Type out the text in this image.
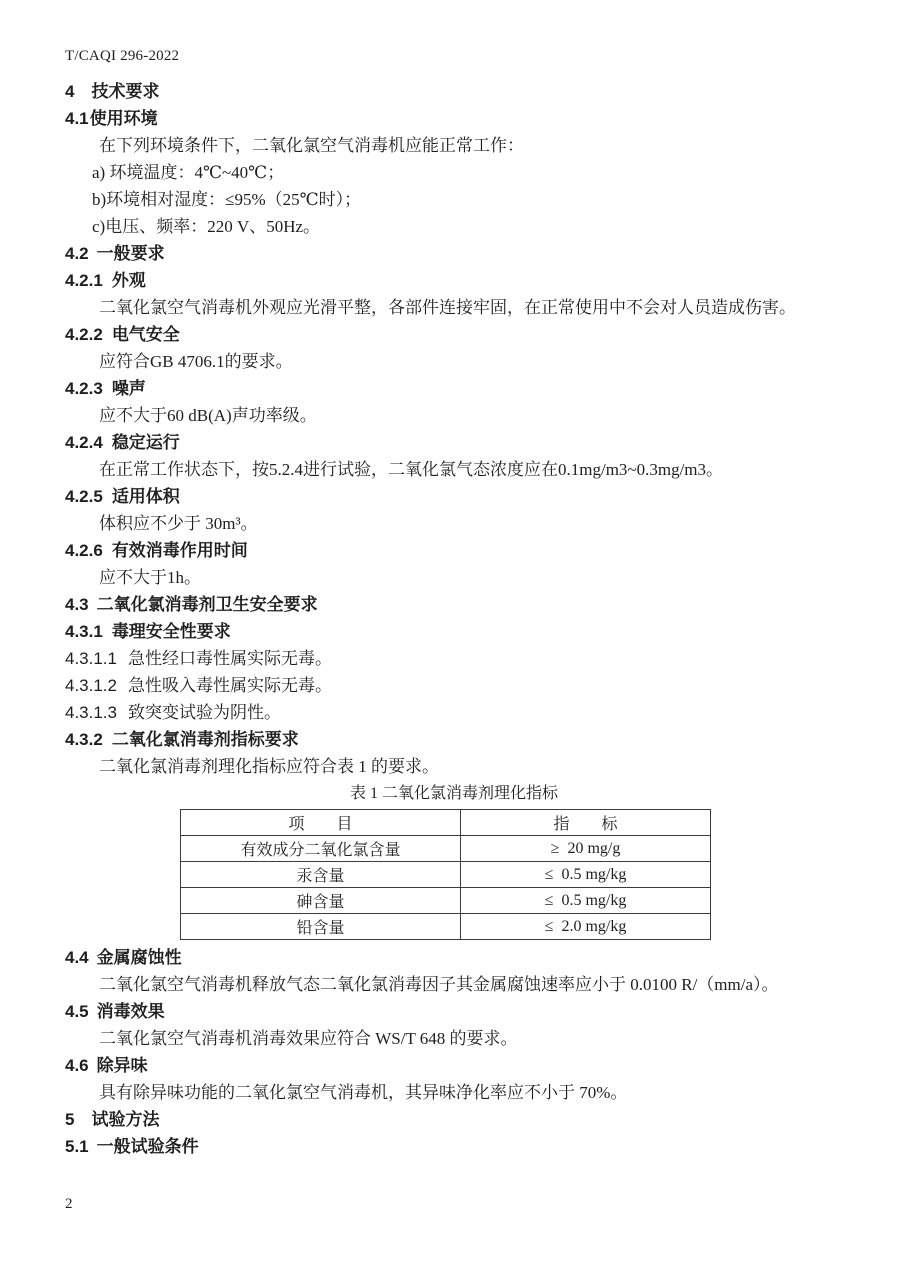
T/CAQI 296-2022
4 技术要求
4.1使用环境

在下列环境条件下，二氧化氯空气消毒机应能正常工作：

a) 环境温度：4℃~40℃；

b)环境相对湿度：≤95%（25℃时）；

c)电压、频率：220 V、50Hz。

4.2 一般要求
4.2.1 外观

二氧化氯空气消毒机外观应光滑平整，各部件连接牢固，在正常使用中不会对人员造成伤害。

4.2.2 电气安全

应符合GB 4706.1的要求。

4.2.3 噪声

应不大于60 dB(A)声功率级。

4.2.4 稳定运行

在正常工作状态下，按5.2.4进行试验，二氧化氯气态浓度应在0.1mg/m3~0.3mg/m3。

4.2.5 适用体积

体积应不少于 30m³。

4.2.6 有效消毒作用时间

应不大于1h。

4.3 二氧化氯消毒剂卫生安全要求
4.3.1 毒理安全性要求

4.3.1.1 急性经口毒性属实际无毒。

4.3.1.2 急性吸入毒性属实际无毒。

4.3.1.3 致突变试验为阴性。

4.3.2 二氧化氯消毒剂指标要求

二氧化氯消毒剂理化指标应符合表 1 的要求。

表 1 二氧化氯消毒剂理化指标
项　　目	指　　标
有效成分二氧化氯含量	≥  20 mg/g
汞含量	≤  0.5 mg/kg
砷含量	≤  0.5 mg/kg
铅含量	≤  2.0 mg/kg
4.4 金属腐蚀性

二氧化氯空气消毒机释放气态二氧化氯消毒因子其金属腐蚀速率应小于 0.0100 R/（mm/a）。

4.5 消毒效果

二氧化氯空气消毒机消毒效果应符合 WS/T 648 的要求。

4.6 除异味

具有除异味功能的二氧化氯空气消毒机，其异味净化率应不小于 70%。

5 试验方法
5.1 一般试验条件
2
